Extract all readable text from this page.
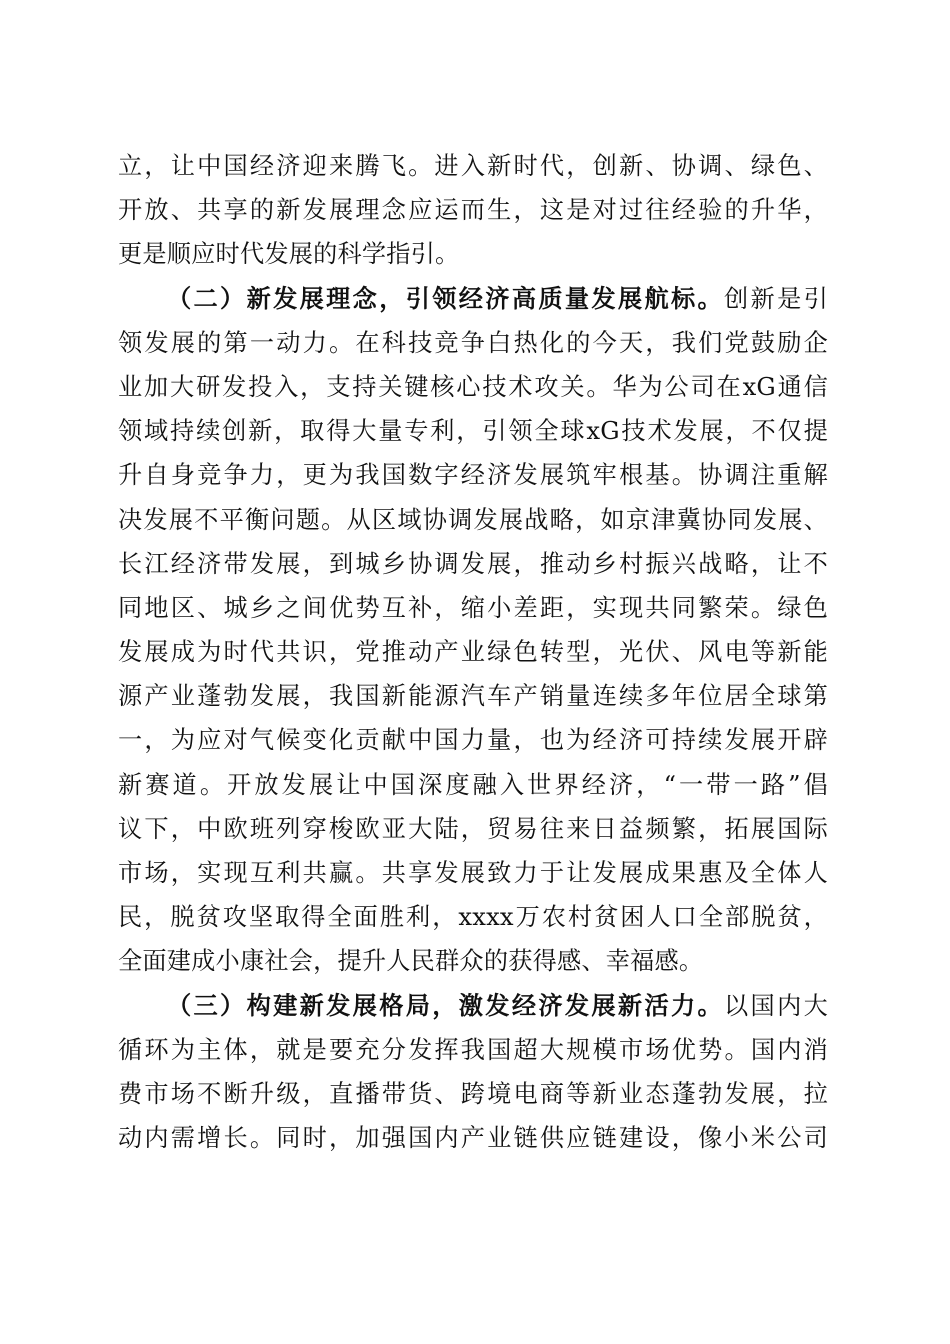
立，让中国经济迎来腾飞。进入新时代，创新、协调、绿色、
开放、共享的新发展理念应运而生，这是对过往经验的升华，
更是顺应时代发展的科学指引。
（二）新发展理念，引领经济高质量发展航标。创新是引
领发展的第一动力。在科技竞争白热化的今天，我们党鼓励企
业加大研发投入，支持关键核心技术攻关。华为公司在xG通信
领域持续创新，取得大量专利，引领全球xG技术发展，不仅提
升自身竞争力，更为我国数字经济发展筑牢根基。协调注重解
决发展不平衡问题。从区域协调发展战略，如京津冀协同发展、
长江经济带发展，到城乡协调发展，推动乡村振兴战略，让不
同地区、城乡之间优势互补，缩小差距，实现共同繁荣。绿色
发展成为时代共识，党推动产业绿色转型，光伏、风电等新能
源产业蓬勃发展，我国新能源汽车产销量连续多年位居全球第
一，为应对气候变化贡献中国力量，也为经济可持续发展开辟
新赛道。开放发展让中国深度融入世界经济，“一带一路”倡
议下，中欧班列穿梭欧亚大陆，贸易往来日益频繁，拓展国际
市场，实现互利共赢。共享发展致力于让发展成果惠及全体人
民，脱贫攻坚取得全面胜利，xxxx万农村贫困人口全部脱贫，
全面建成小康社会，提升人民群众的获得感、幸福感。
（三）构建新发展格局，激发经济发展新活力。以国内大
循环为主体，就是要充分发挥我国超大规模市场优势。国内消
费市场不断升级，直播带货、跨境电商等新业态蓬勃发展，拉
动内需增长。同时，加强国内产业链供应链建设，像小米公司
